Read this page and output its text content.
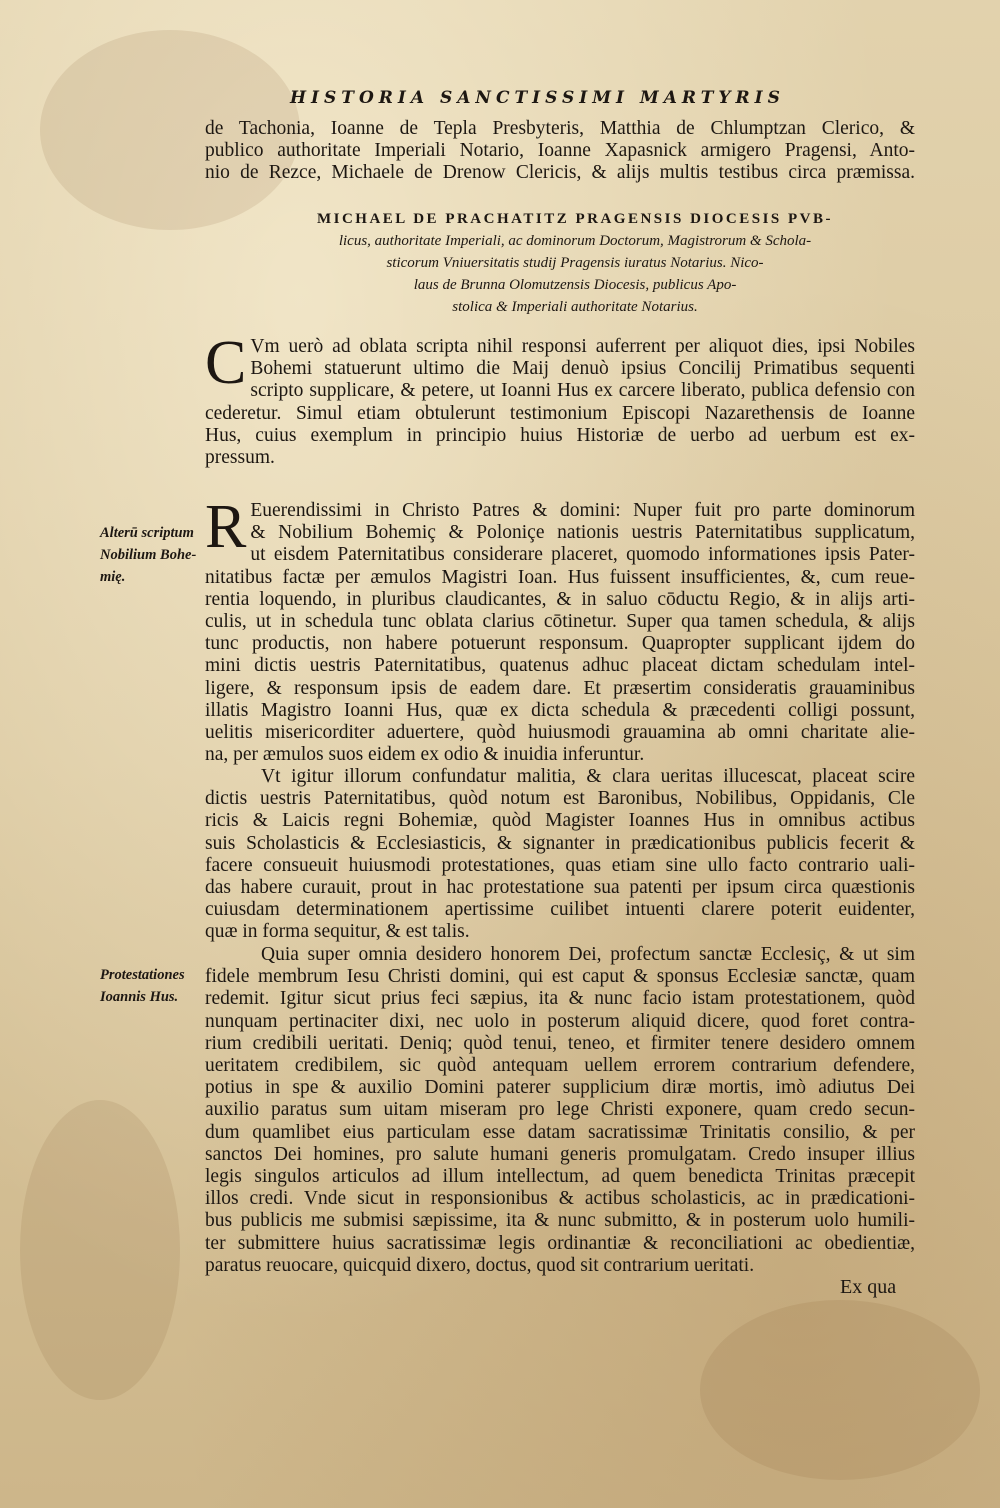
HISTORIA SANCTISSIMI MARTYRIS
de Tachonia, Ioanne de Tepla Presbyteris, Matthia de Chlumptzan Clerico, &
publico authoritate Imperiali Notario, Ioanne Xapasnick armigero Pragensi, Anto-
nio de Rezce, Michaele de Drenow Clericis, & alijs multis testibus circa præmissa.
MICHAEL DE PRACHATITZ PRAGENSIS DIOCESIS PVB-
licus, authoritate Imperiali, ac dominorum Doctorum, Magistrorum & Schola-
sticorum Vniuersitatis studij Pragensis iuratus Notarius. Nico-
laus de Brunna Olomutzensis Diocesis, publicus Apo-
stolica & Imperiali authoritate Notarius.
C Vm uerò ad oblata scripta nihil responsi auferrent per aliquot dies, ipsi Nobiles
Bohemi statuerunt ultimo die Maij denuò ipsius Concilij Primatibus sequenti
scripto supplicare, & petere, ut Ioanni Hus ex carcere liberato, publica defensio con
cederetur. Simul etiam obtulerunt testimonium Episcopi Nazarethensis de Ioanne
Hus, cuius exemplum in principio huius Historiæ de uerbo ad uerbum est ex-
pressum.
Alterū scriptum
Nobilium Bohe-
mię.
R Euerendissimi in Christo Patres & domini: Nuper fuit pro parte dominorum
& Nobilium Bohemiç & Poloniçe nationis uestris Paternitatibus supplicatum,
ut eisdem Paternitatibus considerare placeret, quomodo informationes ipsis Pater-
nitatibus factæ per æmulos Magistri Ioan. Hus fuissent insufficientes, &, cum reue-
rentia loquendo, in pluribus claudicantes, & in saluo cōductu Regio, & in alijs arti-
culis, ut in schedula tunc oblata clarius cōtinetur. Super qua tamen schedula, & alijs
tunc productis, non habere potuerunt responsum. Quapropter supplicant ijdem do
mini dictis uestris Paternitatibus, quatenus adhuc placeat dictam schedulam intel-
ligere, & responsum ipsis de eadem dare. Et præsertim consideratis grauaminibus
illatis Magistro Ioanni Hus, quæ ex dicta schedula & præcedenti colligi possunt,
uelitis misericorditer aduertere, quòd huiusmodi grauamina ab omni charitate alie-
na, per æmulos suos eidem ex odio & inuidia inferuntur.
Vt igitur illorum confundatur malitia, & clara ueritas illucescat, placeat scire
dictis uestris Paternitatibus, quòd notum est Baronibus, Nobilibus, Oppidanis, Cle
ricis & Laicis regni Bohemiæ, quòd Magister Ioannes Hus in omnibus actibus
suis Scholasticis & Ecclesiasticis, & signanter in prædicationibus publicis fecerit &
facere consueuit huiusmodi protestationes, quas etiam sine ullo facto contrario uali-
das habere curauit, prout in hac protestatione sua patenti per ipsum circa quæstionis
cuiusdam determinationem apertissime cuilibet intuenti clarere poterit euidenter,
quæ in forma sequitur, & est talis.
Protestationes
Ioannis Hus.
Quia super omnia desidero honorem Dei, profectum sanctæ Ecclesiç, & ut sim
fidele membrum Iesu Christi domini, qui est caput & sponsus Ecclesiæ sanctæ, quam
redemit. Igitur sicut prius feci sæpius, ita & nunc facio istam protestationem, quòd
nunquam pertinaciter dixi, nec uolo in posterum aliquid dicere, quod foret contra-
rium credibili ueritati. Deniq; quòd tenui, teneo, et firmiter tenere desidero omnem
ueritatem credibilem, sic quòd antequam uellem errorem contrarium defendere,
potius in spe & auxilio Domini paterer supplicium diræ mortis, imò adiutus Dei
auxilio paratus sum uitam miseram pro lege Christi exponere, quam credo secun-
dum quamlibet eius particulam esse datam sacratissimæ Trinitatis consilio, & per
sanctos Dei homines, pro salute humani generis promulgatam. Credo insuper illius
legis singulos articulos ad illum intellectum, ad quem benedicta Trinitas præcepit
illos credi. Vnde sicut in responsionibus & actibus scholasticis, ac in prædicationi-
bus publicis me submisi sæpissime, ita & nunc submitto, & in posterum uolo humili-
ter submittere huius sacratissimæ legis ordinantiæ & reconciliationi ac obedientiæ,
paratus reuocare, quicquid dixero, doctus, quod sit contrarium ueritati.
Ex qua
